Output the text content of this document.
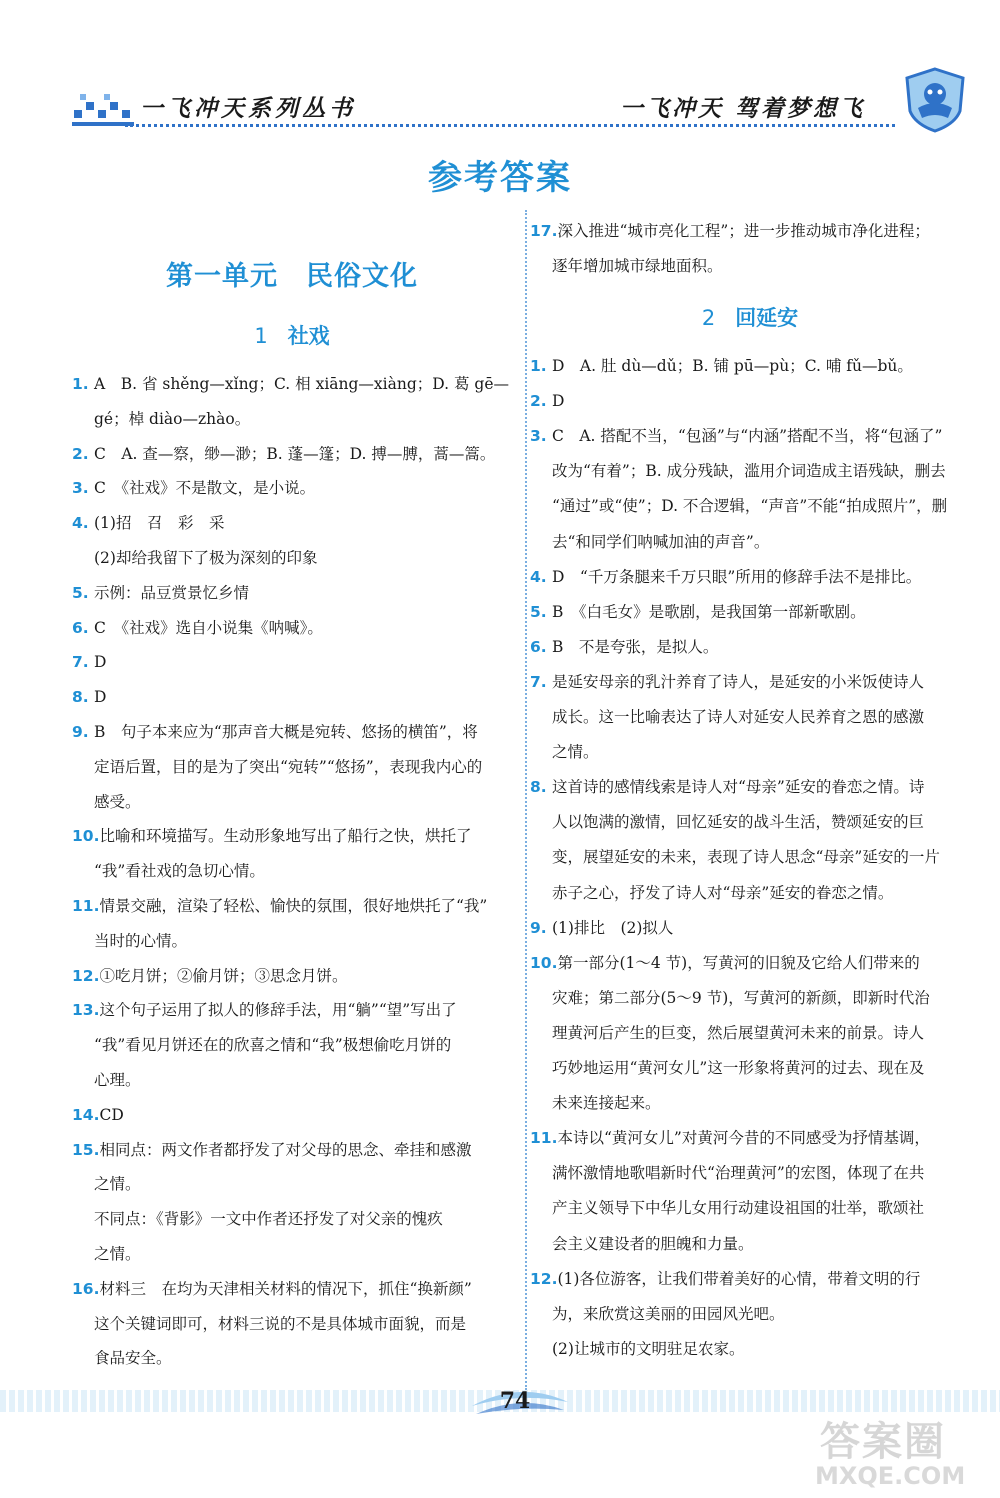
一飞冲天系列丛书	一飞冲天 驾着梦想飞
参考答案
第一单元　民俗文化
1 社戏
1. A　B. 省 shěng—xǐng；C. 相 xiāng—xiàng；D. 葛 gē—
gé；棹 diào—zhào。
2. C　A. 查—察，缈—渺；B. 蓬—篷；D. 搏—膊，蒿—篙。
3. C　《社戏》不是散文，是小说。
4. (1)招　召　彩　采
(2)却给我留下了极为深刻的印象
5. 示例：品豆赏景忆乡情
6. C　《社戏》选自小说集《呐喊》。
7. D
8. D
9. B　句子本来应为“那声音大概是宛转、悠扬的横笛”，将
定语后置，目的是为了突出“宛转”“悠扬”，表现我内心的
感受。
10.比喻和环境描写。生动形象地写出了船行之快，烘托了
“我”看社戏的急切心情。
11.情景交融，渲染了轻松、愉快的氛围，很好地烘托了“我”
当时的心情。
12.①吃月饼；②偷月饼；③思念月饼。
13.这个句子运用了拟人的修辞手法，用“躺”“望”写出了
“我”看见月饼还在的欣喜之情和“我”极想偷吃月饼的
心理。
14.CD
15.相同点：两文作者都抒发了对父母的思念、牵挂和感激
之情。
不同点：《背影》一文中作者还抒发了对父亲的愧疚
之情。
16.材料三　在均为天津相关材料的情况下，抓住“换新颜”
这个关键词即可，材料三说的不是具体城市面貌，而是
食品安全。
17.深入推进“城市亮化工程”；进一步推动城市净化进程；
逐年增加城市绿地面积。
2 回延安
1. D　A. 肚 dù—dǔ；B. 铺 pū—pù；C. 哺 fǔ—bǔ。
2. D
3. C　A. 搭配不当，“包涵”与“内涵”搭配不当，将“包涵了”
改为“有着”；B. 成分残缺，滥用介词造成主语残缺，删去
“通过”或“使”；D. 不合逻辑，“声音”不能“拍成照片”，删
去“和同学们呐喊加油的声音”。
4. D　“千万条腿来千万只眼”所用的修辞手法不是排比。
5. B　《白毛女》是歌剧，是我国第一部新歌剧。
6. B　不是夸张，是拟人。
7. 是延安母亲的乳汁养育了诗人，是延安的小米饭使诗人
成长。这一比喻表达了诗人对延安人民养育之恩的感激
之情。
8. 这首诗的感情线索是诗人对“母亲”延安的眷恋之情。诗
人以饱满的激情，回忆延安的战斗生活，赞颂延安的巨
变，展望延安的未来，表现了诗人思念“母亲”延安的一片
赤子之心，抒发了诗人对“母亲”延安的眷恋之情。
9. (1)排比　(2)拟人
10.第一部分(1～4 节)，写黄河的旧貌及它给人们带来的
灾难；第二部分(5～9 节)，写黄河的新颜，即新时代治
理黄河后产生的巨变，然后展望黄河未来的前景。诗人
巧妙地运用“黄河女儿”这一形象将黄河的过去、现在及
未来连接起来。
11.本诗以“黄河女儿”对黄河今昔的不同感受为抒情基调，
满怀激情地歌唱新时代“治理黄河”的宏图，体现了在共
产主义领导下中华儿女用行动建设祖国的壮举，歌颂社
会主义建设者的胆魄和力量。
12.(1)各位游客，让我们带着美好的心情，带着文明的行
为，来欣赏这美丽的田园风光吧。
(2)让城市的文明驻足农家。
74
答案圈
MXQE.COM
